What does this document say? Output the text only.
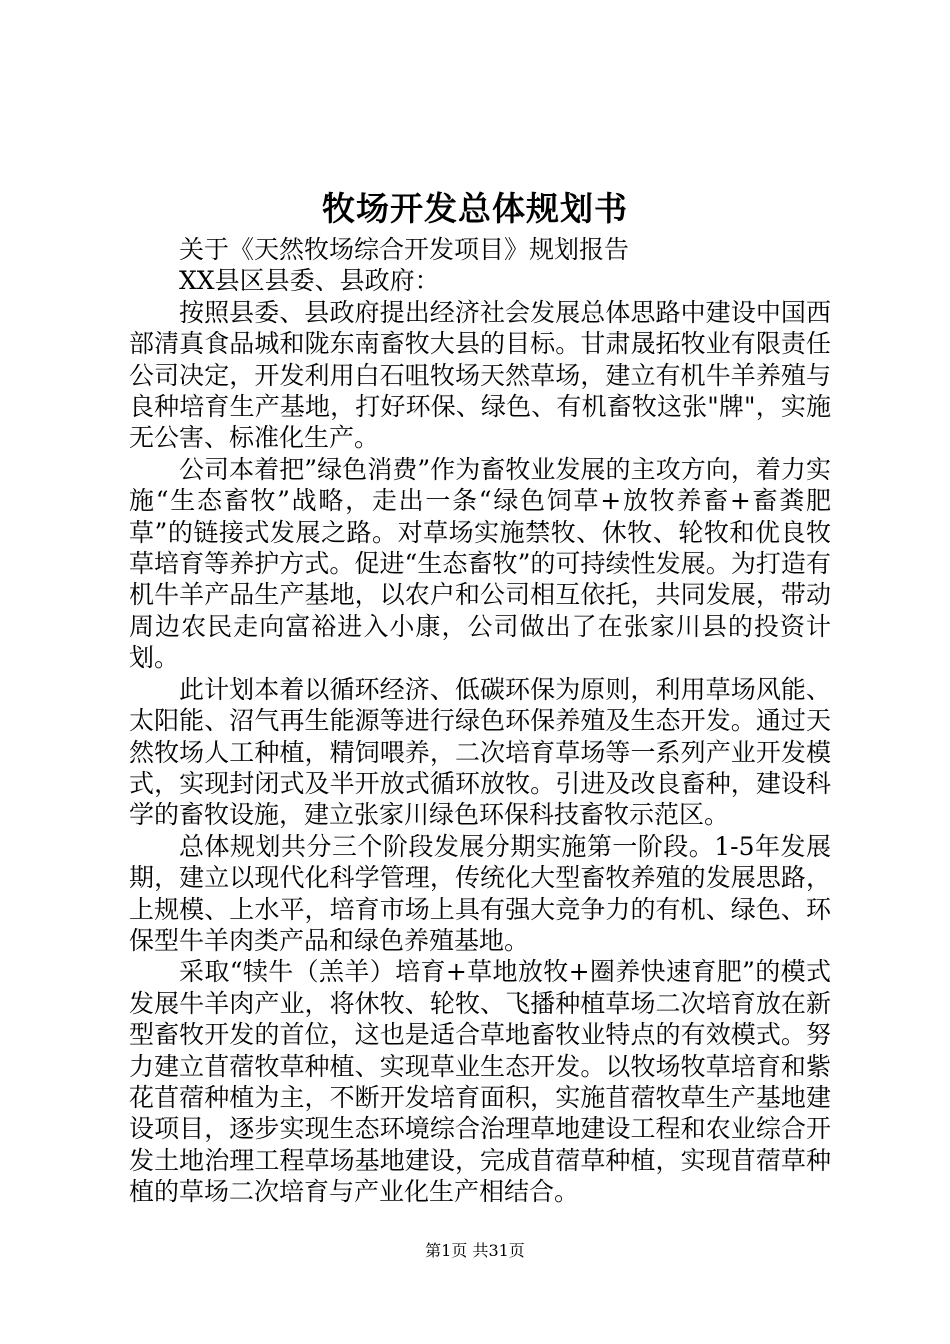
牧场开发总体规划书

关于《天然牧场综合开发项目》规划报告

XX县区县委、县政府：

按照县委、县政府提出经济社会发展总体思路中建设中国西部清真食品城和陇东南畜牧大县的目标。甘肃晟拓牧业有限责任公司决定，开发利用白石咀牧场天然草场，建立有机牛羊养殖与良种培育生产基地，打好环保、绿色、有机畜牧这张"牌"，实施无公害、标准化生产。

公司本着把”绿色消费”作为畜牧业发展的主攻方向，着力实施“生态畜牧”战略，走出一条“绿色饲草+放牧养畜+畜粪肥草”的链接式发展之路。对草场实施禁牧、休牧、轮牧和优良牧草培育等养护方式。促进“生态畜牧”的可持续性发展。为打造有机牛羊产品生产基地，以农户和公司相互依托，共同发展，带动周边农民走向富裕进入小康，公司做出了在张家川县的投资计划。

此计划本着以循环经济、低碳环保为原则，利用草场风能、太阳能、沼气再生能源等进行绿色环保养殖及生态开发。通过天然牧场人工种植，精饲喂养，二次培育草场等一系列产业开发模式，实现封闭式及半开放式循环放牧。引进及改良畜种，建设科学的畜牧设施，建立张家川绿色环保科技畜牧示范区。

总体规划共分三个阶段发展分期实施第一阶段。1-5年发展期，建立以现代化科学管理，传统化大型畜牧养殖的发展思路，上规模、上水平，培育市场上具有强大竞争力的有机、绿色、环保型牛羊肉类产品和绿色养殖基地。

采取“犊牛（羔羊）培育+草地放牧+圈养快速育肥”的模式发展牛羊肉产业，将休牧、轮牧、飞播种植草场二次培育放在新型畜牧开发的首位，这也是适合草地畜牧业特点的有效模式。努力建立苜蓿牧草种植、实现草业生态开发。以牧场牧草培育和紫花苜蓿种植为主，不断开发培育面积，实施苜蓿牧草生产基地建设项目，逐步实现生态环境综合治理草地建设工程和农业综合开发土地治理工程草场基地建设，完成苜蓿草种植，实现苜蓿草种植的草场二次培育与产业化生产相结合。

第1页 共31页
